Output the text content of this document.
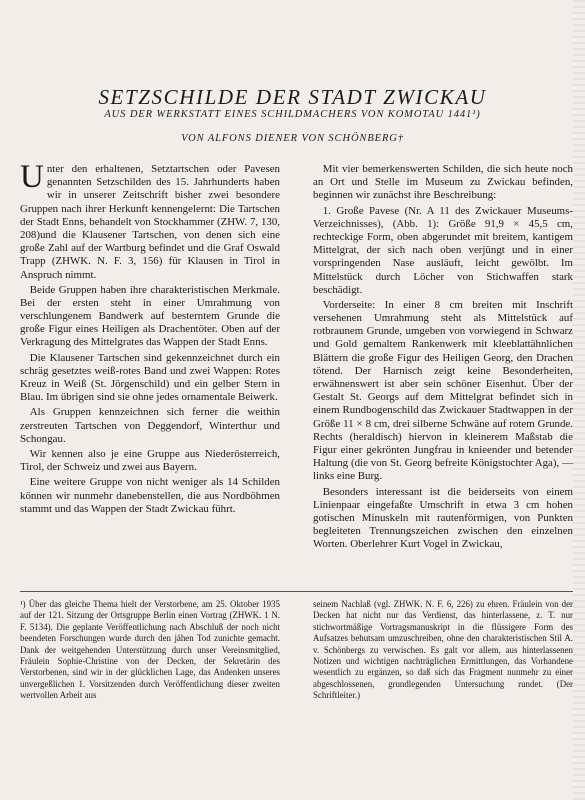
SETZSCHILDE DER STADT ZWICKAU
AUS DER WERKSTATT EINES SCHILDMACHERS VON KOMOTAU 1441¹)
VON ALFONS DIENER VON SCHÖNBERG†

Unter den erhaltenen, Setztartschen oder Pavesen genannten Setzschilden des 15. Jahrhunderts haben wir in unserer Zeitschrift bisher zwei besondere Gruppen nach ihrer Herkunft kennengelernt: Die Tartschen der Stadt Enns, behandelt von Stockhammer (ZHW. 7, 130, 208)und die Klausener Tartschen, von denen sich eine große Zahl auf der Wartburg befindet und die Graf Oswald Trapp (ZHWK. N. F. 3, 156) für Klausen in Tirol in Anspruch nimmt.

Beide Gruppen haben ihre charakteristischen Merkmale. Bei der ersten steht in einer Umrahmung von verschlungenem Bandwerk auf besterntem Grunde die große Figur eines Heiligen als Drachentöter. Oben auf der Verkragung des Mittelgrates das Wappen der Stadt Enns.

Die Klausener Tartschen sind gekennzeichnet durch ein schräg gesetztes weiß-rotes Band und zwei Wappen: Rotes Kreuz in Weiß (St. Jörgenschild) und ein gelber Stern in Blau. Im übrigen sind sie ohne jedes ornamentale Beiwerk.

Als Gruppen kennzeichnen sich ferner die weithin zerstreuten Tartschen von Deggendorf, Winterthur und Schongau.

Wir kennen also je eine Gruppe aus Niederösterreich, Tirol, der Schweiz und zwei aus Bayern.

Eine weitere Gruppe von nicht weniger als 14 Schilden können wir nunmehr danebenstellen, die aus Nordböhmen stammt und das Wappen der Stadt Zwickau führt.

Mit vier bemerkenswerten Schilden, die sich heute noch an Ort und Stelle im Museum zu Zwickau befinden, beginnen wir zunächst ihre Beschreibung:

1. Große Pavese (Nr. A 11 des Zwickauer Museums-Verzeichnisses), (Abb. 1): Größe 91,9 × 45,5 cm, rechteckige Form, oben abgerundet mit breitem, kantigem Mittelgrat, der sich nach oben verjüngt und in einer vorspringenden Nase ausläuft, leicht gewölbt. Im Mittelstück durch Löcher von Stichwaffen stark beschädigt.

Vorderseite: In einer 8 cm breiten mit Inschrift versehenen Umrahmung steht als Mittelstück auf rotbraunem Grunde, umgeben von vorwiegend in Schwarz und Gold gemaltem Rankenwerk mit kleeblattähnlichen Blättern die große Figur des Heiligen Georg, den Drachen tötend. Der Harnisch zeigt keine Besonderheiten, erwähnenswert ist aber sein schöner Eisenhut. Über der Gestalt St. Georgs auf dem Mittelgrat befindet sich in einem Rundbogenschild das Zwickauer Stadtwappen in der Größe 11 × 8 cm, drei silberne Schwäne auf rotem Grunde. Rechts (heraldisch) hiervon in kleinerem Maßstab die Figur einer gekrönten Jungfrau in knieender und betender Haltung (die von St. Georg befreite Königstochter Aga), — links eine Burg.

Besonders interessant ist die beiderseits von einem Linienpaar eingefaßte Umschrift in etwa 3 cm hohen gotischen Minuskeln mit rautenförmigen, von Punkten begleiteten Trennungszeichen zwischen den einzelnen Worten. Oberlehrer Kurt Vogel in Zwickau,

¹) Über das gleiche Thema hielt der Verstorbene, am 25. Oktober 1935 auf der 121. Sitzung der Ortsgruppe Berlin einen Vortrag (ZHWK. 1 N. F. 5134). Die geplante Veröffentlichung nach Abschluß der noch nicht beendeten Forschungen wurde durch den jähen Tod zunichte gemacht. Dank der weitgehenden Unterstützung durch unser Vereinsmitglied, Fräulein Sophie-Christine von der Decken, der Sekretärin des Verstorbenen, sind wir in der glücklichen Lage, das Andenken unseres unvergeßlichen 1. Vorsitzenden durch Veröffentlichung dieser zweiten wertvollen Arbeit aus

seinem Nachlaß (vgl. ZHWK. N. F. 6, 226) zu ehren. Fräulein von der Decken hat nicht nur das Verdienst, das hinterlassene, z. T. nur stichwortmäßige Vortragsmanuskript in die flüssigere Form des Aufsatzes behutsam umzuschreiben, ohne den charakteristischen Stil A. v. Schönbergs zu verwischen. Es galt vor allem, aus hinterlassenen Notizen und wichtigen nachträglichen Ermittlungen, das Vorhandene wesentlich zu ergänzen, so daß sich das Fragment nunmehr zu einer abgeschlossenen, grundlegenden Untersuchung rundet. (Der Schriftleiter.)
